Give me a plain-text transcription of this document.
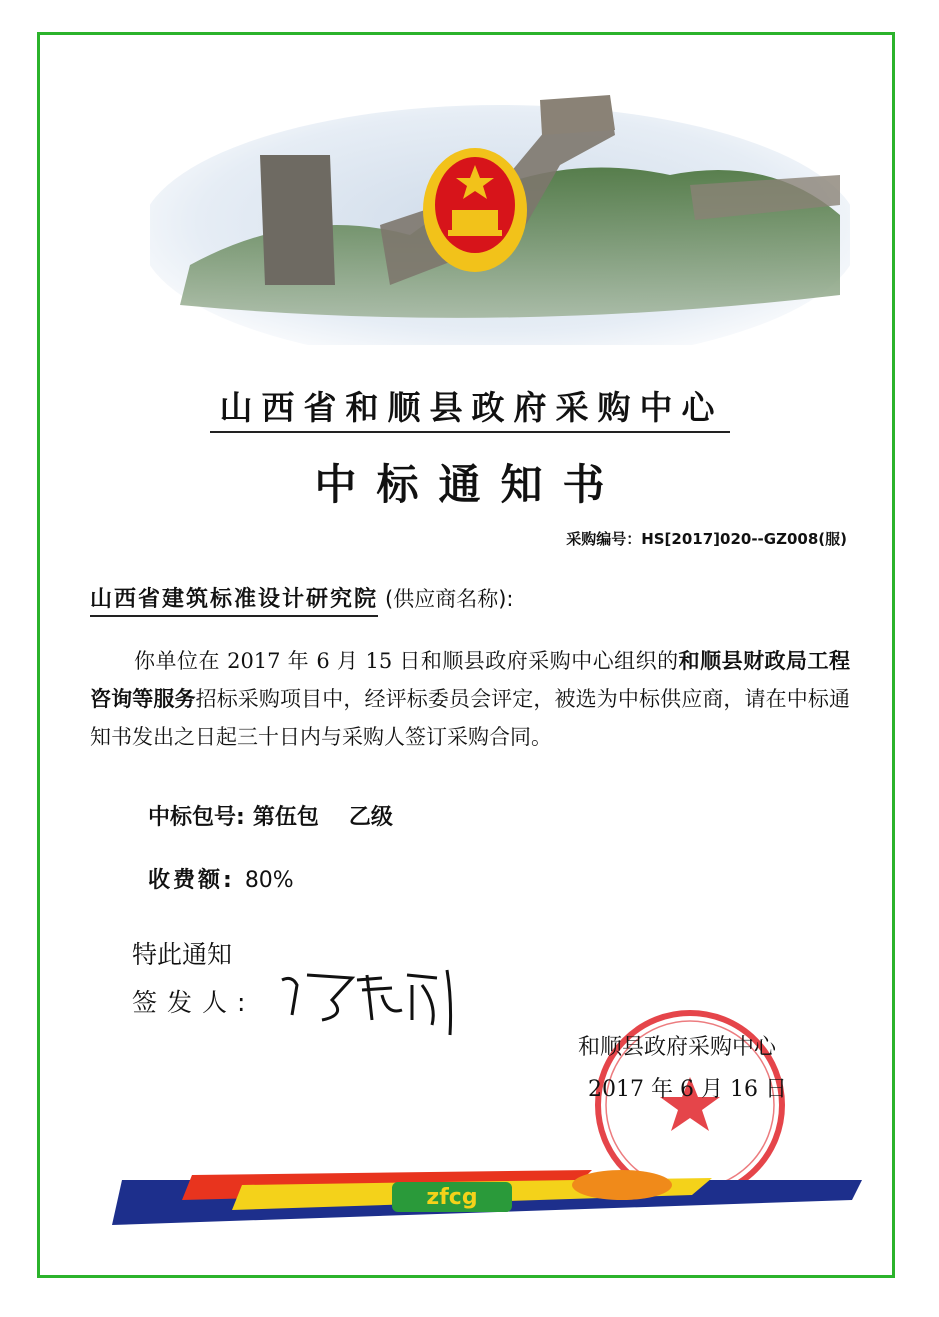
山西省和顺县政府采购中心
中标通知书
采购编号：HS[2017]020--GZ008(服)
山西省建筑标准设计研究院 (供应商名称):
你单位在 2017 年 6 月 15 日和顺县政府采购中心组织的和顺县财政局工程咨询等服务招标采购项目中，经评标委员会评定，被选为中标供应商，请在中标通知书发出之日起三十日内与采购人签订采购合同。
中标包号: 第伍包 乙级
收费额: 80%
特此通知
签发人:
和顺县政府采购中心
2017 年 6 月 16 日
zfcg
